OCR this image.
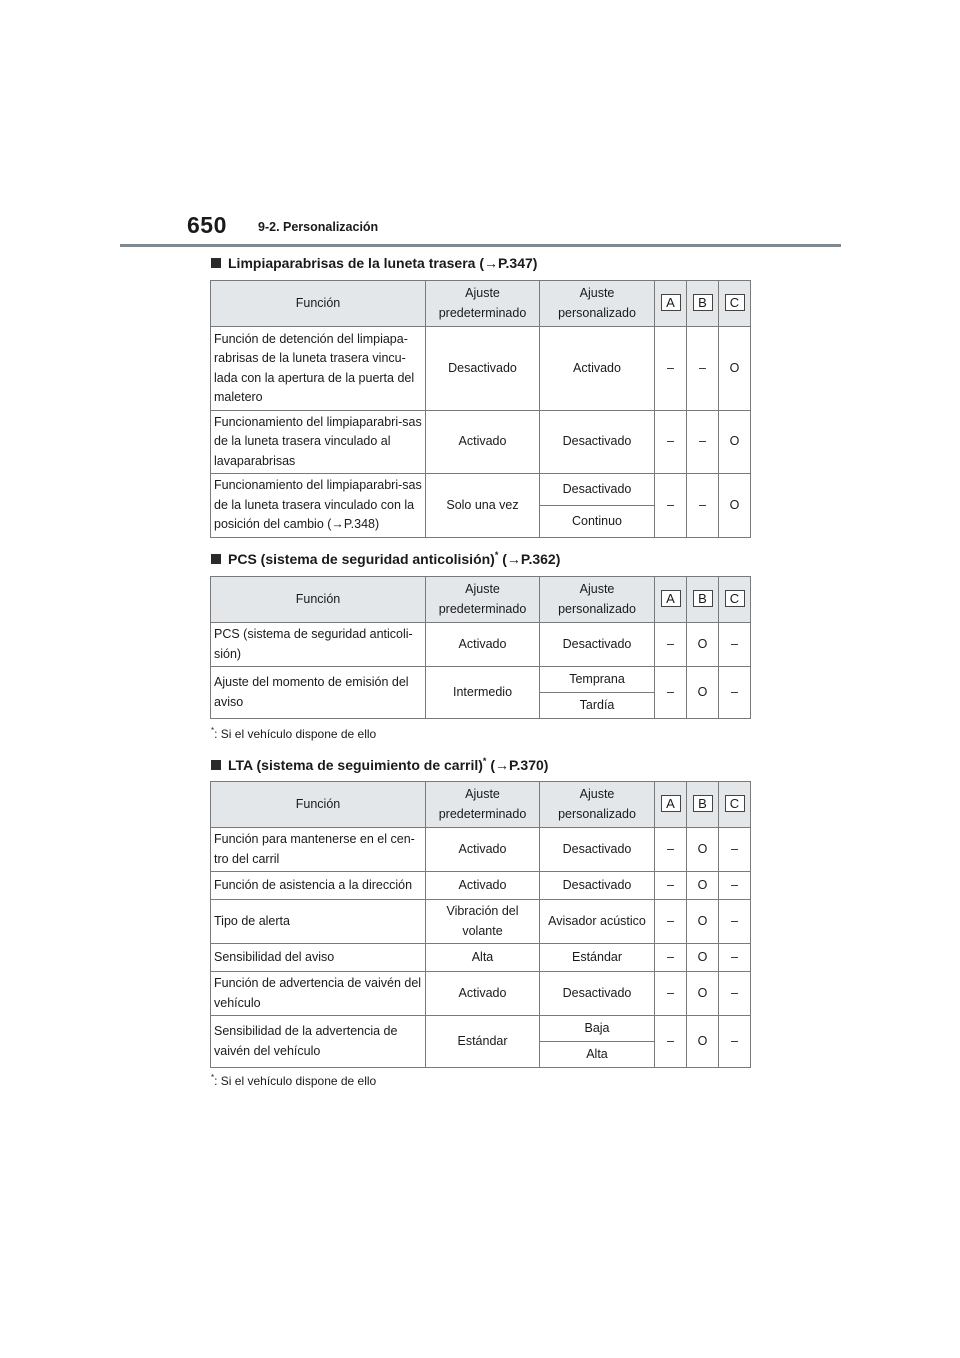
650 9-2. Personalización
Limpiaparabrisas de la luneta trasera (→P.347)
Función	Ajuste predeterminado	Ajuste personalizado	A	B	C
Función de detención del limpiapa-rabrisas de la luneta trasera vincu-lada con la apertura de la puerta del maletero	Desactivado	Activado	–	–	O
Funcionamiento del limpiaparabri-sas de la luneta trasera vinculado al lavaparabrisas	Activado	Desactivado	–	–	O
Funcionamiento del limpiaparabri-sas de la luneta trasera vinculado con la posición del cambio (→P.348)	Solo una vez	Desactivado	–	–	O
		Continuo			
PCS (sistema de seguridad anticolisión)* (→P.362)
Función	Ajuste predeterminado	Ajuste personalizado	A	B	C
PCS (sistema de seguridad anticoli-sión)	Activado	Desactivado	–	O	–
Ajuste del momento de emisión del aviso	Intermedio	Temprana	–	O	–
		Tardía			
*: Si el vehículo dispone de ello
LTA (sistema de seguimiento de carril)* (→P.370)
Función	Ajuste predeterminado	Ajuste personalizado	A	B	C
Función para mantenerse en el cen-tro del carril	Activado	Desactivado	–	O	–
Función de asistencia a la dirección	Activado	Desactivado	–	O	–
Tipo de alerta	Vibración del volante	Avisador acústico	–	O	–
Sensibilidad del aviso	Alta	Estándar	–	O	–
Función de advertencia de vaivén del vehículo	Activado	Desactivado	–	O	–
Sensibilidad de la advertencia de vaivén del vehículo	Estándar	Baja	–	O	–
		Alta			
*: Si el vehículo dispone de ello
